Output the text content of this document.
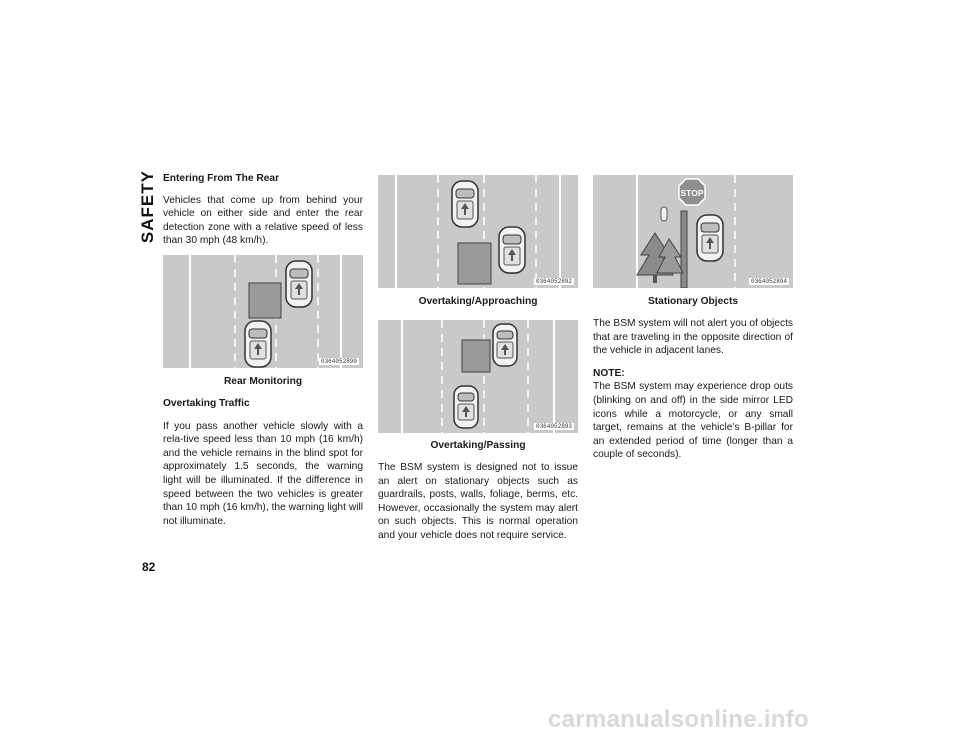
SAFETY
82

Entering From The Rear

Vehicles that come up from behind your vehicle on either side and enter the rear detection zone with a relative speed of less than 30 mph (48 km/h).

0364052890
Rear Monitoring

Overtaking Traffic

If you pass another vehicle slowly with a rela-tive speed less than 10 mph (16 km/h) and the vehicle remains in the blind spot for approximately 1.5 seconds, the warning light will be illuminated. If the difference in speed between the two vehicles is greater than 10 mph (16 km/h), the warning light will not illuminate.

0364052892
Overtaking/Approaching
0364052893
Overtaking/Passing

The BSM system is designed not to issue an alert on stationary objects such as guardrails, posts, walls, foliage, berms, etc. However, occasionally the system may alert on such objects. This is normal operation and your vehicle does not require service.

STOP
0364052894
Stationary Objects

The BSM system will not alert you of objects that are traveling in the opposite direction of the vehicle in adjacent lanes.

NOTE:

The BSM system may experience drop outs (blinking on and off) in the side mirror LED icons while a motorcycle, or any small target, remains at the vehicle's B-pillar for an extended period of time (longer than a couple of seconds).

carmanualsonline.info
